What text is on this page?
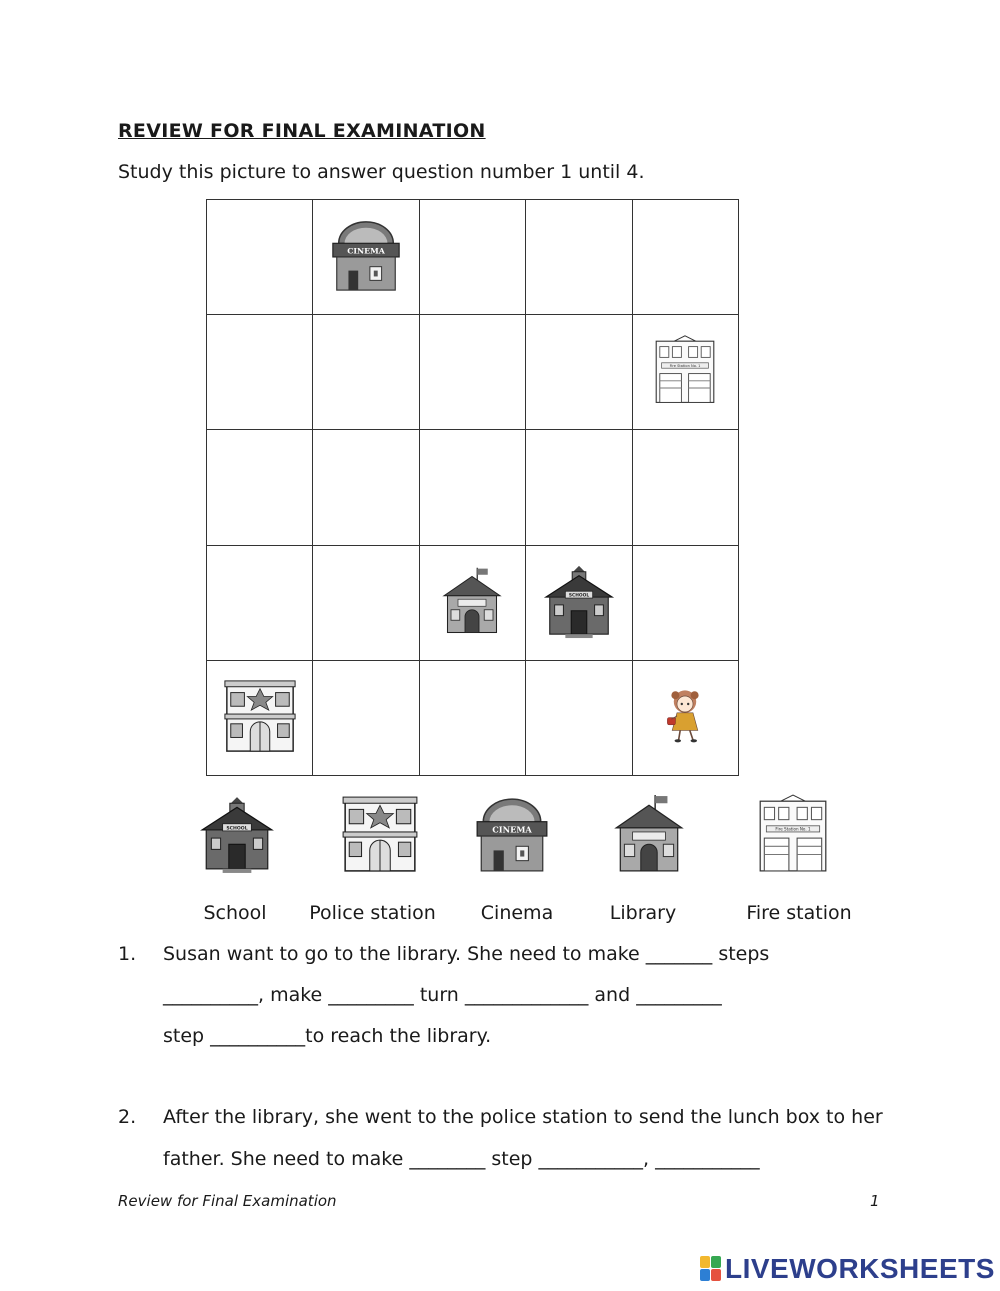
REVIEW FOR FINAL EXAMINATION
Study this picture to answer question number 1 until 4.

School	Police station Cinema	Library	Fire station
1. Susan want to go to the library. She need to make _______ steps
__________, make _________ turn _____________ and _________
step __________to reach the library.
2. After the library, she went to the police station to send the lunch box to her
father. She need to make ________ step ___________, ___________
Review for Final Examination	1
LIVEWORKSHEETS
